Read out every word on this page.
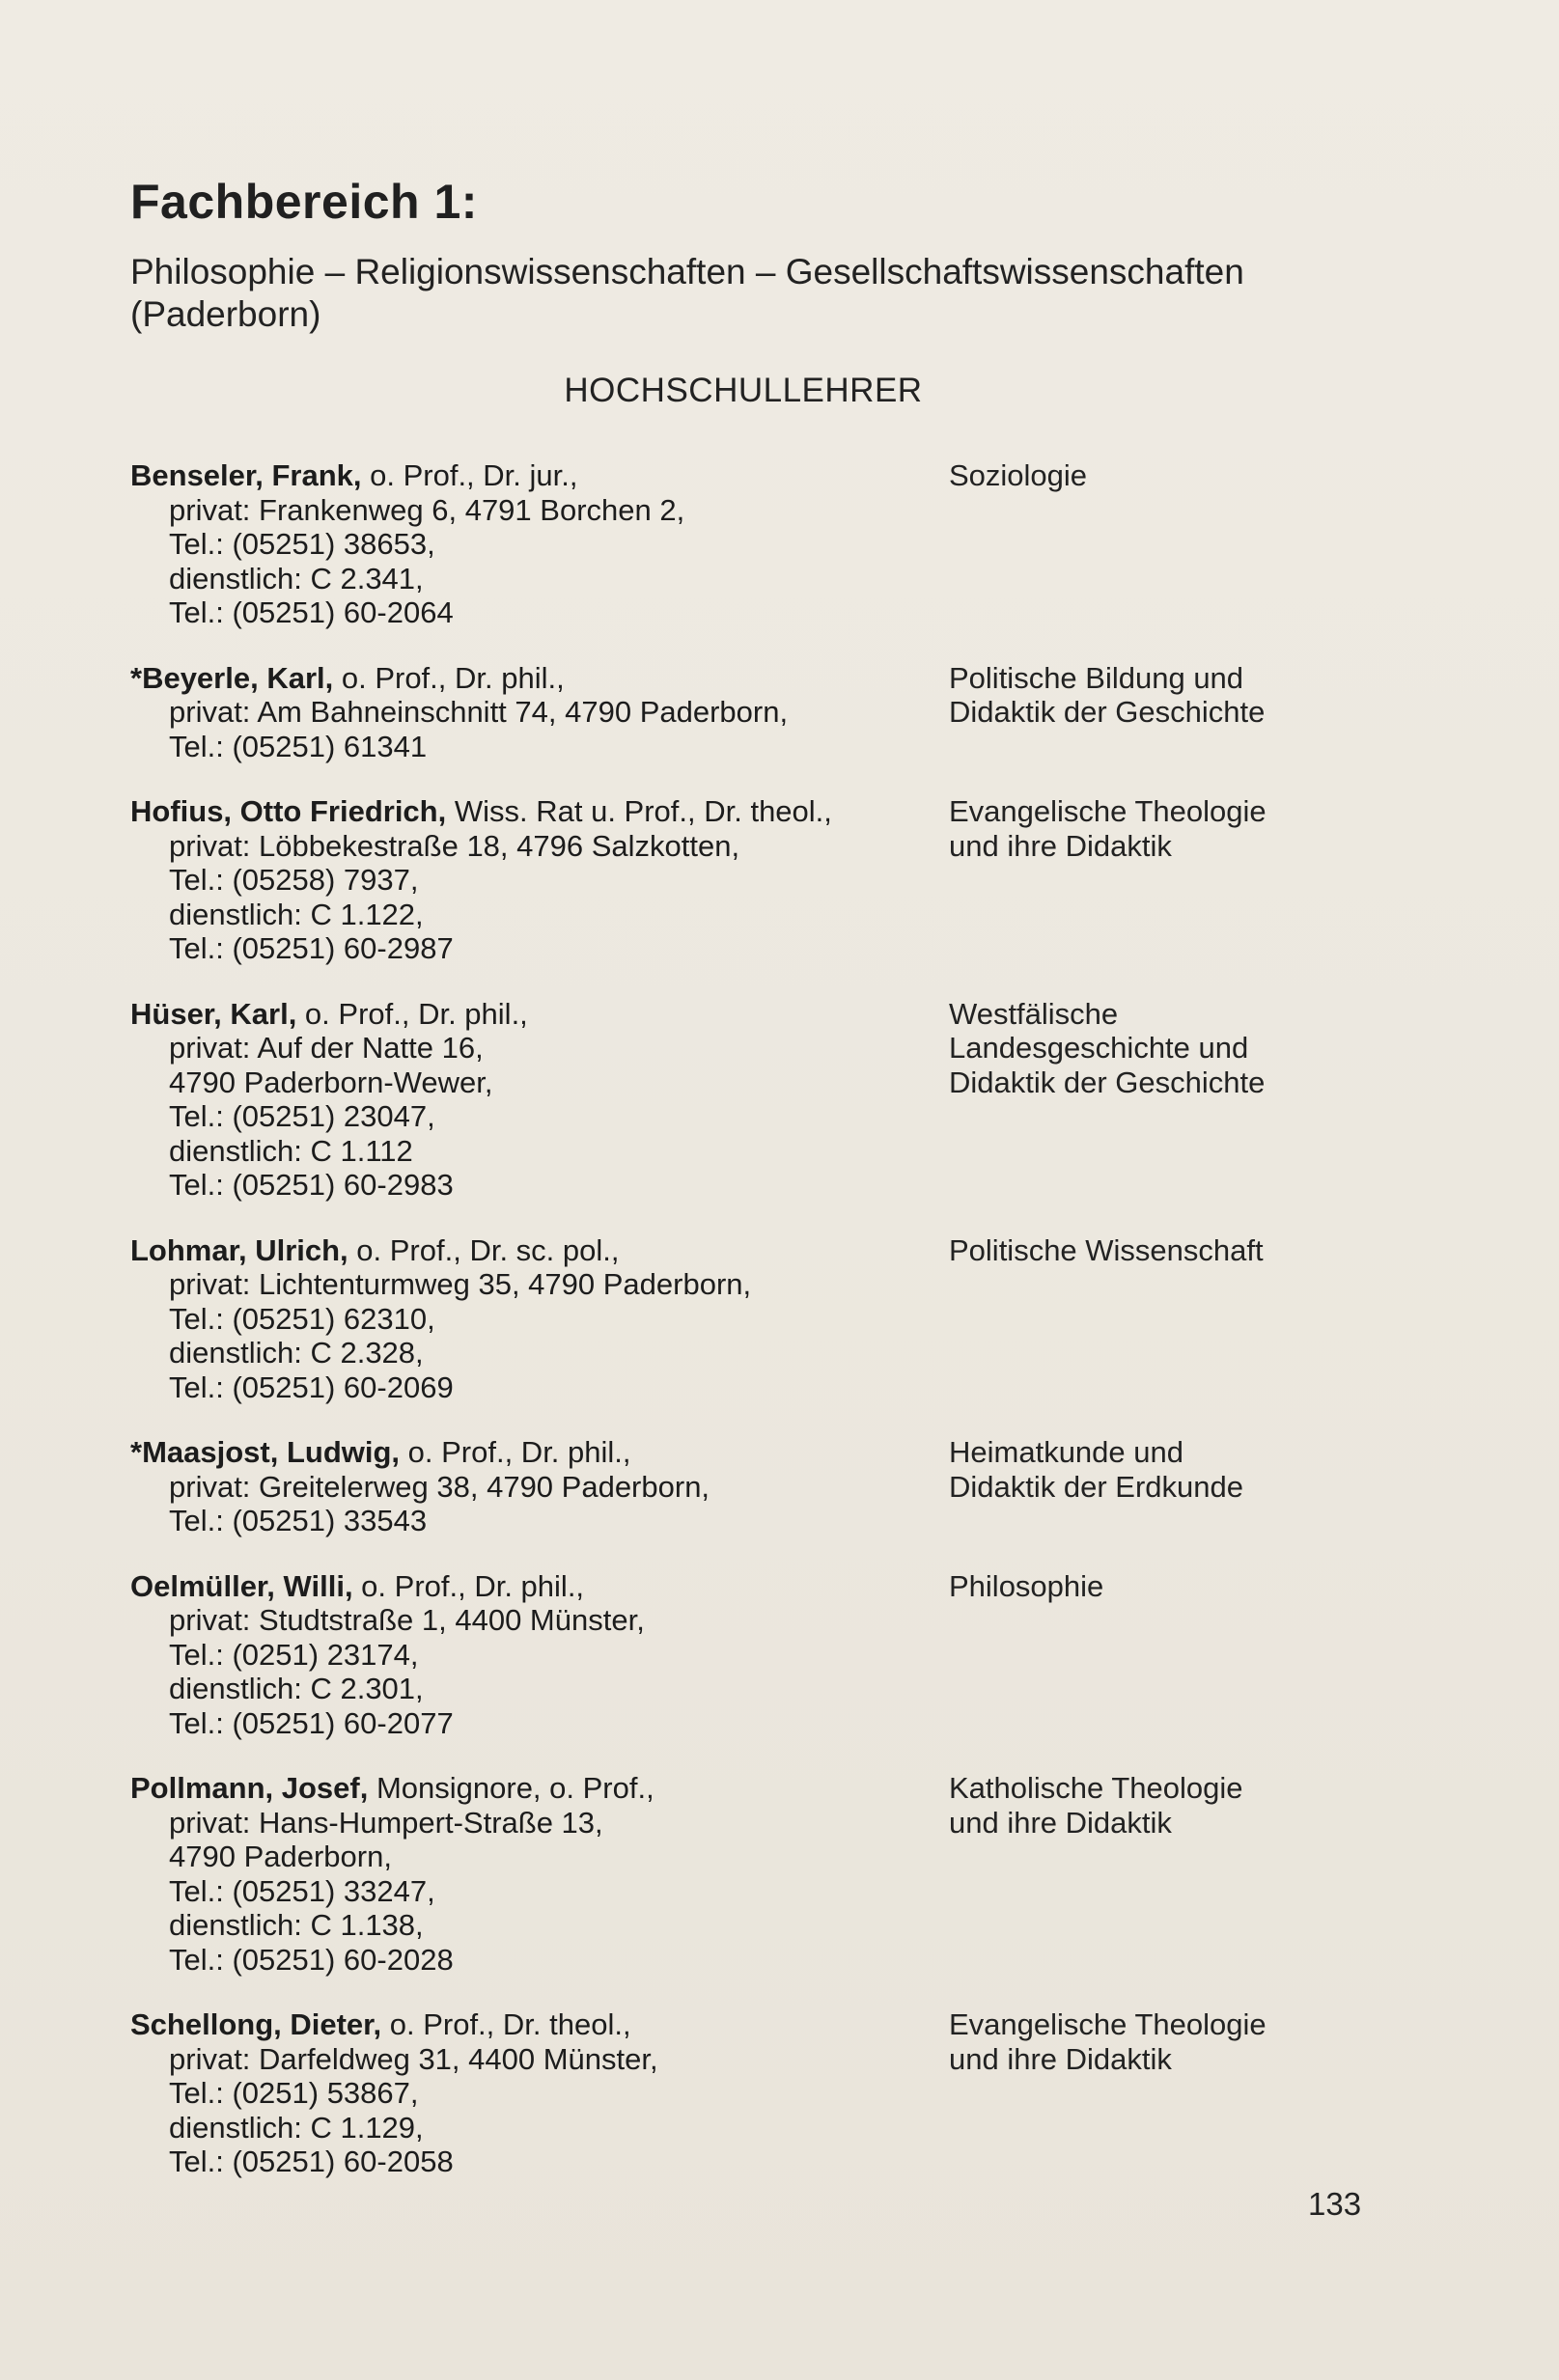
Fachbereich 1:
Philosophie – Religionswissenschaften – Gesellschaftswissenschaften
(Paderborn)
HOCHSCHULLEHRER
Benseler, Frank, o. Prof., Dr. jur.,
privat: Frankenweg 6, 4791 Borchen 2,
Tel.: (05251) 38653,
dienstlich: C 2.341,
Tel.: (05251) 60-2064
Soziologie
*Beyerle, Karl, o. Prof., Dr. phil.,
privat: Am Bahneinschnitt 74, 4790 Paderborn,
Tel.: (05251) 61341
Politische Bildung und
Didaktik der Geschichte
Hofius, Otto Friedrich, Wiss. Rat u. Prof., Dr. theol.,
privat: Löbbekestraße 18, 4796 Salzkotten,
Tel.: (05258) 7937,
dienstlich: C 1.122,
Tel.: (05251) 60-2987
Evangelische Theologie
und ihre Didaktik
Hüser, Karl, o. Prof., Dr. phil.,
privat: Auf der Natte 16,
4790 Paderborn-Wewer,
Tel.: (05251) 23047,
dienstlich: C 1.112
Tel.: (05251) 60-2983
Westfälische
Landesgeschichte und
Didaktik der Geschichte
Lohmar, Ulrich, o. Prof., Dr. sc. pol.,
privat: Lichtenturmweg 35, 4790 Paderborn,
Tel.: (05251) 62310,
dienstlich: C 2.328,
Tel.: (05251) 60-2069
Politische Wissenschaft
*Maasjost, Ludwig, o. Prof., Dr. phil.,
privat: Greitelerweg 38, 4790 Paderborn,
Tel.: (05251) 33543
Heimatkunde und
Didaktik der Erdkunde
Oelmüller, Willi, o. Prof., Dr. phil.,
privat: Studtstraße 1, 4400 Münster,
Tel.: (0251) 23174,
dienstlich: C 2.301,
Tel.: (05251) 60-2077
Philosophie
Pollmann, Josef, Monsignore, o. Prof.,
privat: Hans-Humpert-Straße 13,
4790 Paderborn,
Tel.: (05251) 33247,
dienstlich: C 1.138,
Tel.: (05251) 60-2028
Katholische Theologie
und ihre Didaktik
Schellong, Dieter, o. Prof., Dr. theol.,
privat: Darfeldweg 31, 4400 Münster,
Tel.: (0251) 53867,
dienstlich: C 1.129,
Tel.: (05251) 60-2058
Evangelische Theologie
und ihre Didaktik
133
